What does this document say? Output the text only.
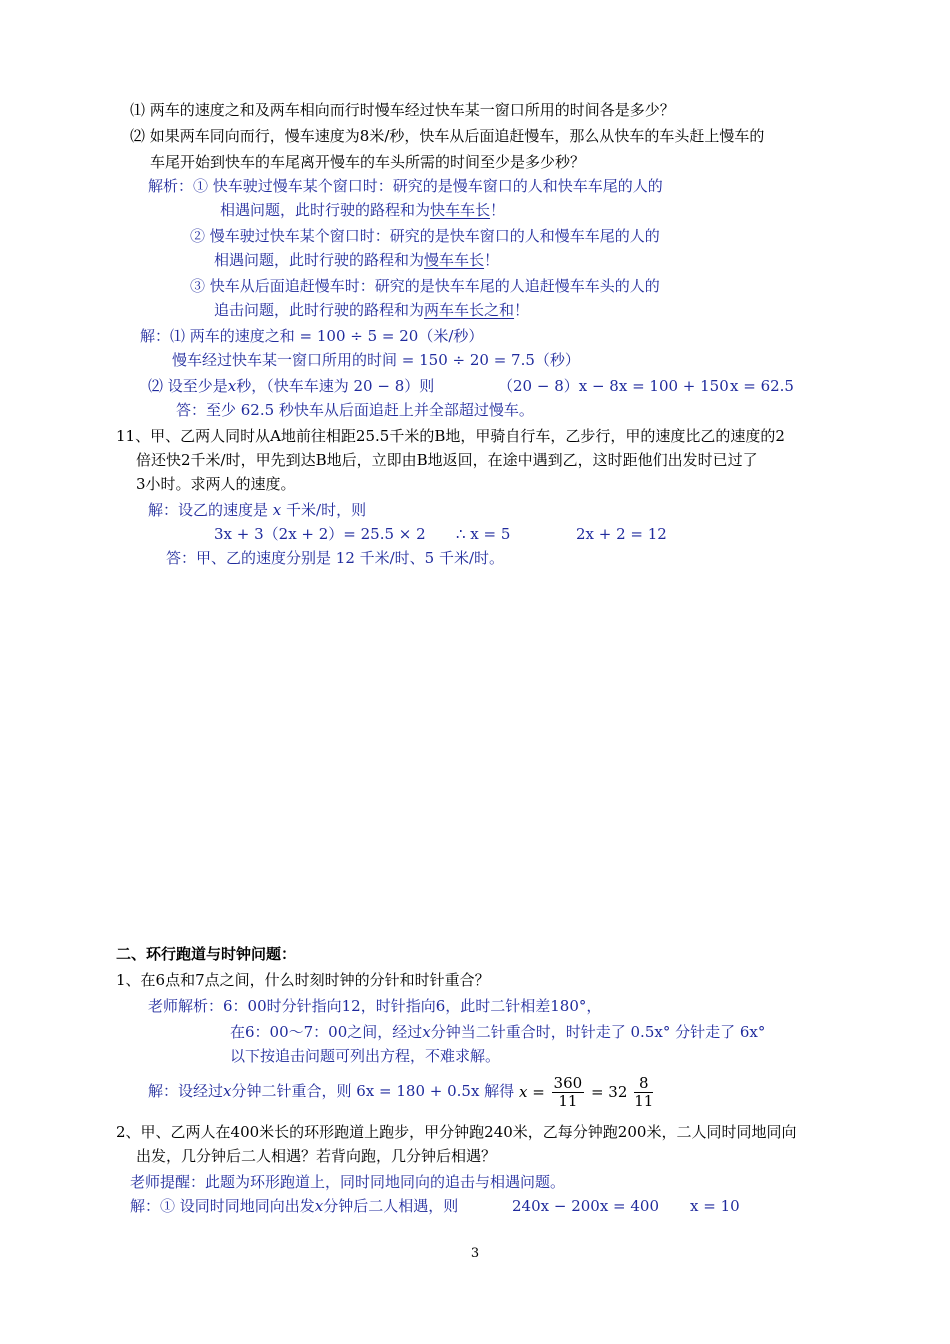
⑴ 两车的速度之和及两车相向而行时慢车经过快车某一窗口所用的时间各是多少？
⑵ 如果两车同向而行，慢车速度为8米/秒，快车从后面追赶慢车，那么从快车的车头赶上慢车的
车尾开始到快车的车尾离开慢车的车头所需的时间至少是多少秒？
解析：① 快车驶过慢车某个窗口时：研究的是慢车窗口的人和快车车尾的人的
相遇问题，此时行驶的路程和为快车车长！
② 慢车驶过快车某个窗口时：研究的是快车窗口的人和慢车车尾的人的
相遇问题，此时行驶的路程和为慢车车长！
③ 快车从后面追赶慢车时：研究的是快车车尾的人追赶慢车车头的人的
追击问题，此时行驶的路程和为两车车长之和！
解：⑴ 两车的速度之和 = 100 ÷ 5 = 20（米/秒）
慢车经过快车某一窗口所用的时间 = 150 ÷ 20 = 7.5（秒）
⑵ 设至少是x秒，（快车车速为 20 − 8）则	（20 − 8）x − 8x = 100 + 150 x = 62.5
答：至少 62.5 秒快车从后面追赶上并全部超过慢车。
11、甲、乙两人同时从A地前往相距25.5千米的B地，甲骑自行车，乙步行，甲的速度比乙的速度的2
倍还快2千米/时，甲先到达B地后，立即由B地返回，在途中遇到乙，这时距他们出发时已过了
3小时。求两人的速度。
解：设乙的速度是 x 千米/时，则
3x + 3（2x + 2）= 25.5 × 2 ∴ x = 5	2x + 2 = 12
答：甲、乙的速度分别是 12 千米/时、5 千米/时。
二、环行跑道与时钟问题：
1、在6点和7点之间，什么时刻时钟的分针和时针重合？
老师解析：6：00时分针指向12，时针指向6，此时二针相差180°，
在6：00～7：00之间，经过x分钟当二针重合时，时针走了 0.5x° 分针走了 6x°
以下按追击问题可列出方程，不难求解。
解：设经过x分钟二针重合，则 6x = 180 + 0.5x 解得 $x = \frac{360}{11} = 32 \frac{8}{11}$
2、甲、乙两人在400米长的环形跑道上跑步，甲分钟跑240米，乙每分钟跑200米，二人同时同地同向
出发，几分钟后二人相遇？若背向跑，几分钟后相遇？
老师提醒：此题为环形跑道上，同时同地同向的追击与相遇问题。
解：① 设同时同地同向出发x分钟后二人相遇，则	240x − 200x = 400 x = 10
3
